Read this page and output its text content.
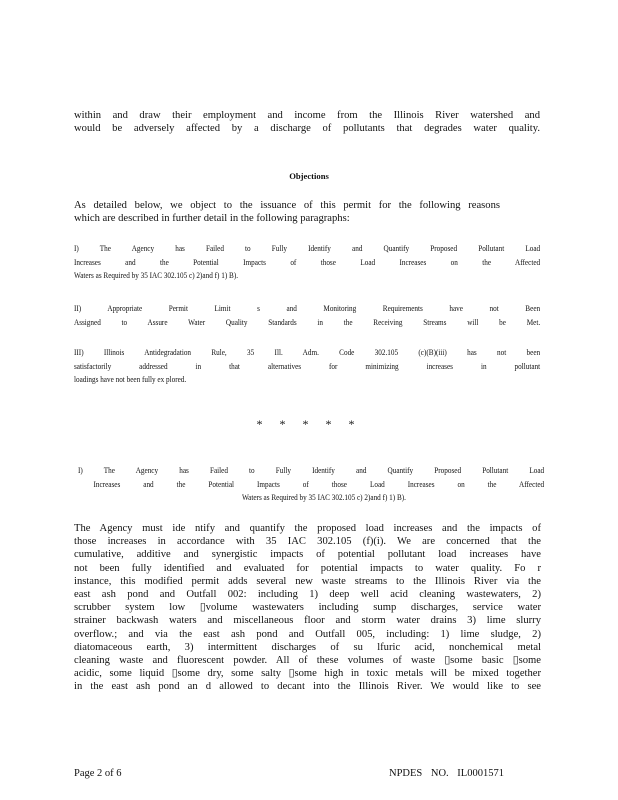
within and draw their employment and income from the Illinois River watershed and
would be adversely affected by a discharge of pollutants that degrades water quality.
Objections
As detailed below, we object to the issuance of this permit for the following reasons
which are described in further detail in the following paragraphs:
I) The Agency has Failed to Fully Identify and Quantify Proposed Pollutant Load
Increases and the Potential Impacts of those Load Increases on the Affected
Waters as Required by 35 IAC 302.105 c) 2)and f) 1) B).
II) Appropriate Permit Limit s and Monitoring Requirements have not Been
Assigned to Assure Water Quality Standards in the Receiving Streams will be Met.
III) Illinois Antidegradation Rule, 35 Ill. Adm. Code 302.105 (c)(B)(iii) has not been
satisfactorily addressed in that alternatives for minimizing increases in pollutant
loadings have not been fully ex plored.
* * * * *
I) The Agency has Failed to Fully Identify and Quantify Proposed Pollutant Load
Increases and the Potential Impacts of those Load Increases on the Affected
Waters as Required by 35 IAC 302.105 c) 2)and f) 1) B).
The Agency must ide ntify and quantify the proposed load increases and the impacts of
those increases in accordance with 35 IAC 302.105 (f)(i). We are concerned that the
cumulative, additive and synergistic impacts of potential pollutant load increases have
not been fully identified and evaluated for potential impacts to water quality. Fo r
instance, this modified permit adds several new waste streams to the Illinois River via the
east ash pond and Outfall 002: including 1) deep well acid cleaning wastewaters, 2)
scrubber system low ▯volume wastewaters including sump discharges, service water
strainer backwash waters and miscellaneous floor and storm water drains 3) lime slurry
overflow.; and via the east ash pond and Outfall 005, including: 1) lime sludge, 2)
diatomaceous earth, 3) intermittent discharges of su lfuric acid, nonchemical metal
cleaning waste and fluorescent powder. All of these volumes of waste ▯some basic ▯some
acidic, some liquid ▯some dry, some salty ▯some high in toxic metals will be mixed together
in the east ash pond an d allowed to decant into the Illinois River. We would like to see
Page 2 of 6	NPDES NO. IL0001571
